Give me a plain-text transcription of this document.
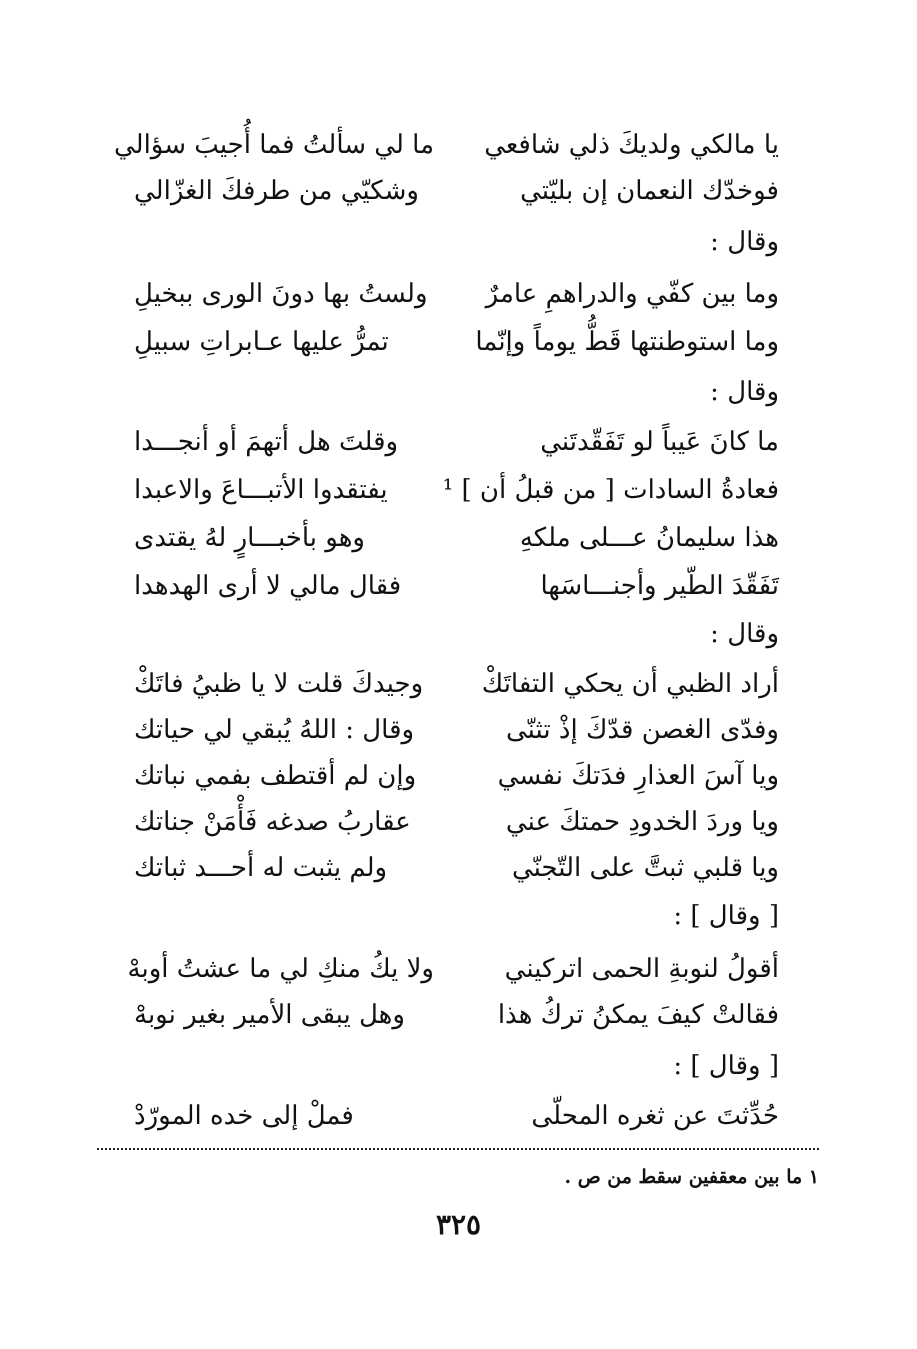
يا مالكي ولديكَ ذلي شافعي
ما لي سألتُ فما أُجيبَ سؤالي
فوخدّك النعمان إن بليّتي
وشكيّي من طرفكَ الغزّالي
وقال :
وما بين كفّي والدراهمِ عامرٌ
ولستُ بها دونَ الورى ببخيلِ
وما استوطنتها قَطُّ يوماً وإنّما
تمرُّ عليها عـابراتِ سبيلِ
وقال :
ما كانَ عَيباً لو تَفَقّدتَني
وقلتَ هل أتهمَ أو أنجـــدا
فعادةُ السادات [ من قبلُ أن ] ¹
يفتقدوا الأتبـــاعَ والاعبدا
هذا سليمانُ عـــلى ملكهِ
وهو بأخبـــارٍ لهُ يقتدى
تَفَقّدَ الطّير وأجنـــاسَها
فقال مالي لا أرى الهدهدا
وقال :
أراد الظبي أن يحكي التفاتَكْ
وجيدكَ قلت لا يا ظبيُ فاتَكْ
وفدّى الغصن قدّكَ إذْ تثنّى
وقال : اللهُ يُبقي لي حياتك
ويا آسَ العذارِ فدَتكَ نفسي
وإن لم أقتطف بفمي نباتك
ويا وردَ الخدودِ حمتكَ عني
عقاربُ صدغه فَأْمَنْ جناتك
ويا قلبي ثبتَّ على التّجنّي
ولم يثبت له أحـــد ثباتك
[ وقال ] :
أقولُ لنوبةِ الحمى اتركيني
ولا يكُ منكِ لي ما عشتُ أوبهْ
فقالتْ كيفَ يمكنُ تركُ هذا
وهل يبقى الأمير بغير نوبهْ
[ وقال ] :
حُدِّثتَ عن ثغره المحلّى
فملْ إلى خده المورّدْ
١ ما بين معقفين سقط من ص .
٣٢٥
